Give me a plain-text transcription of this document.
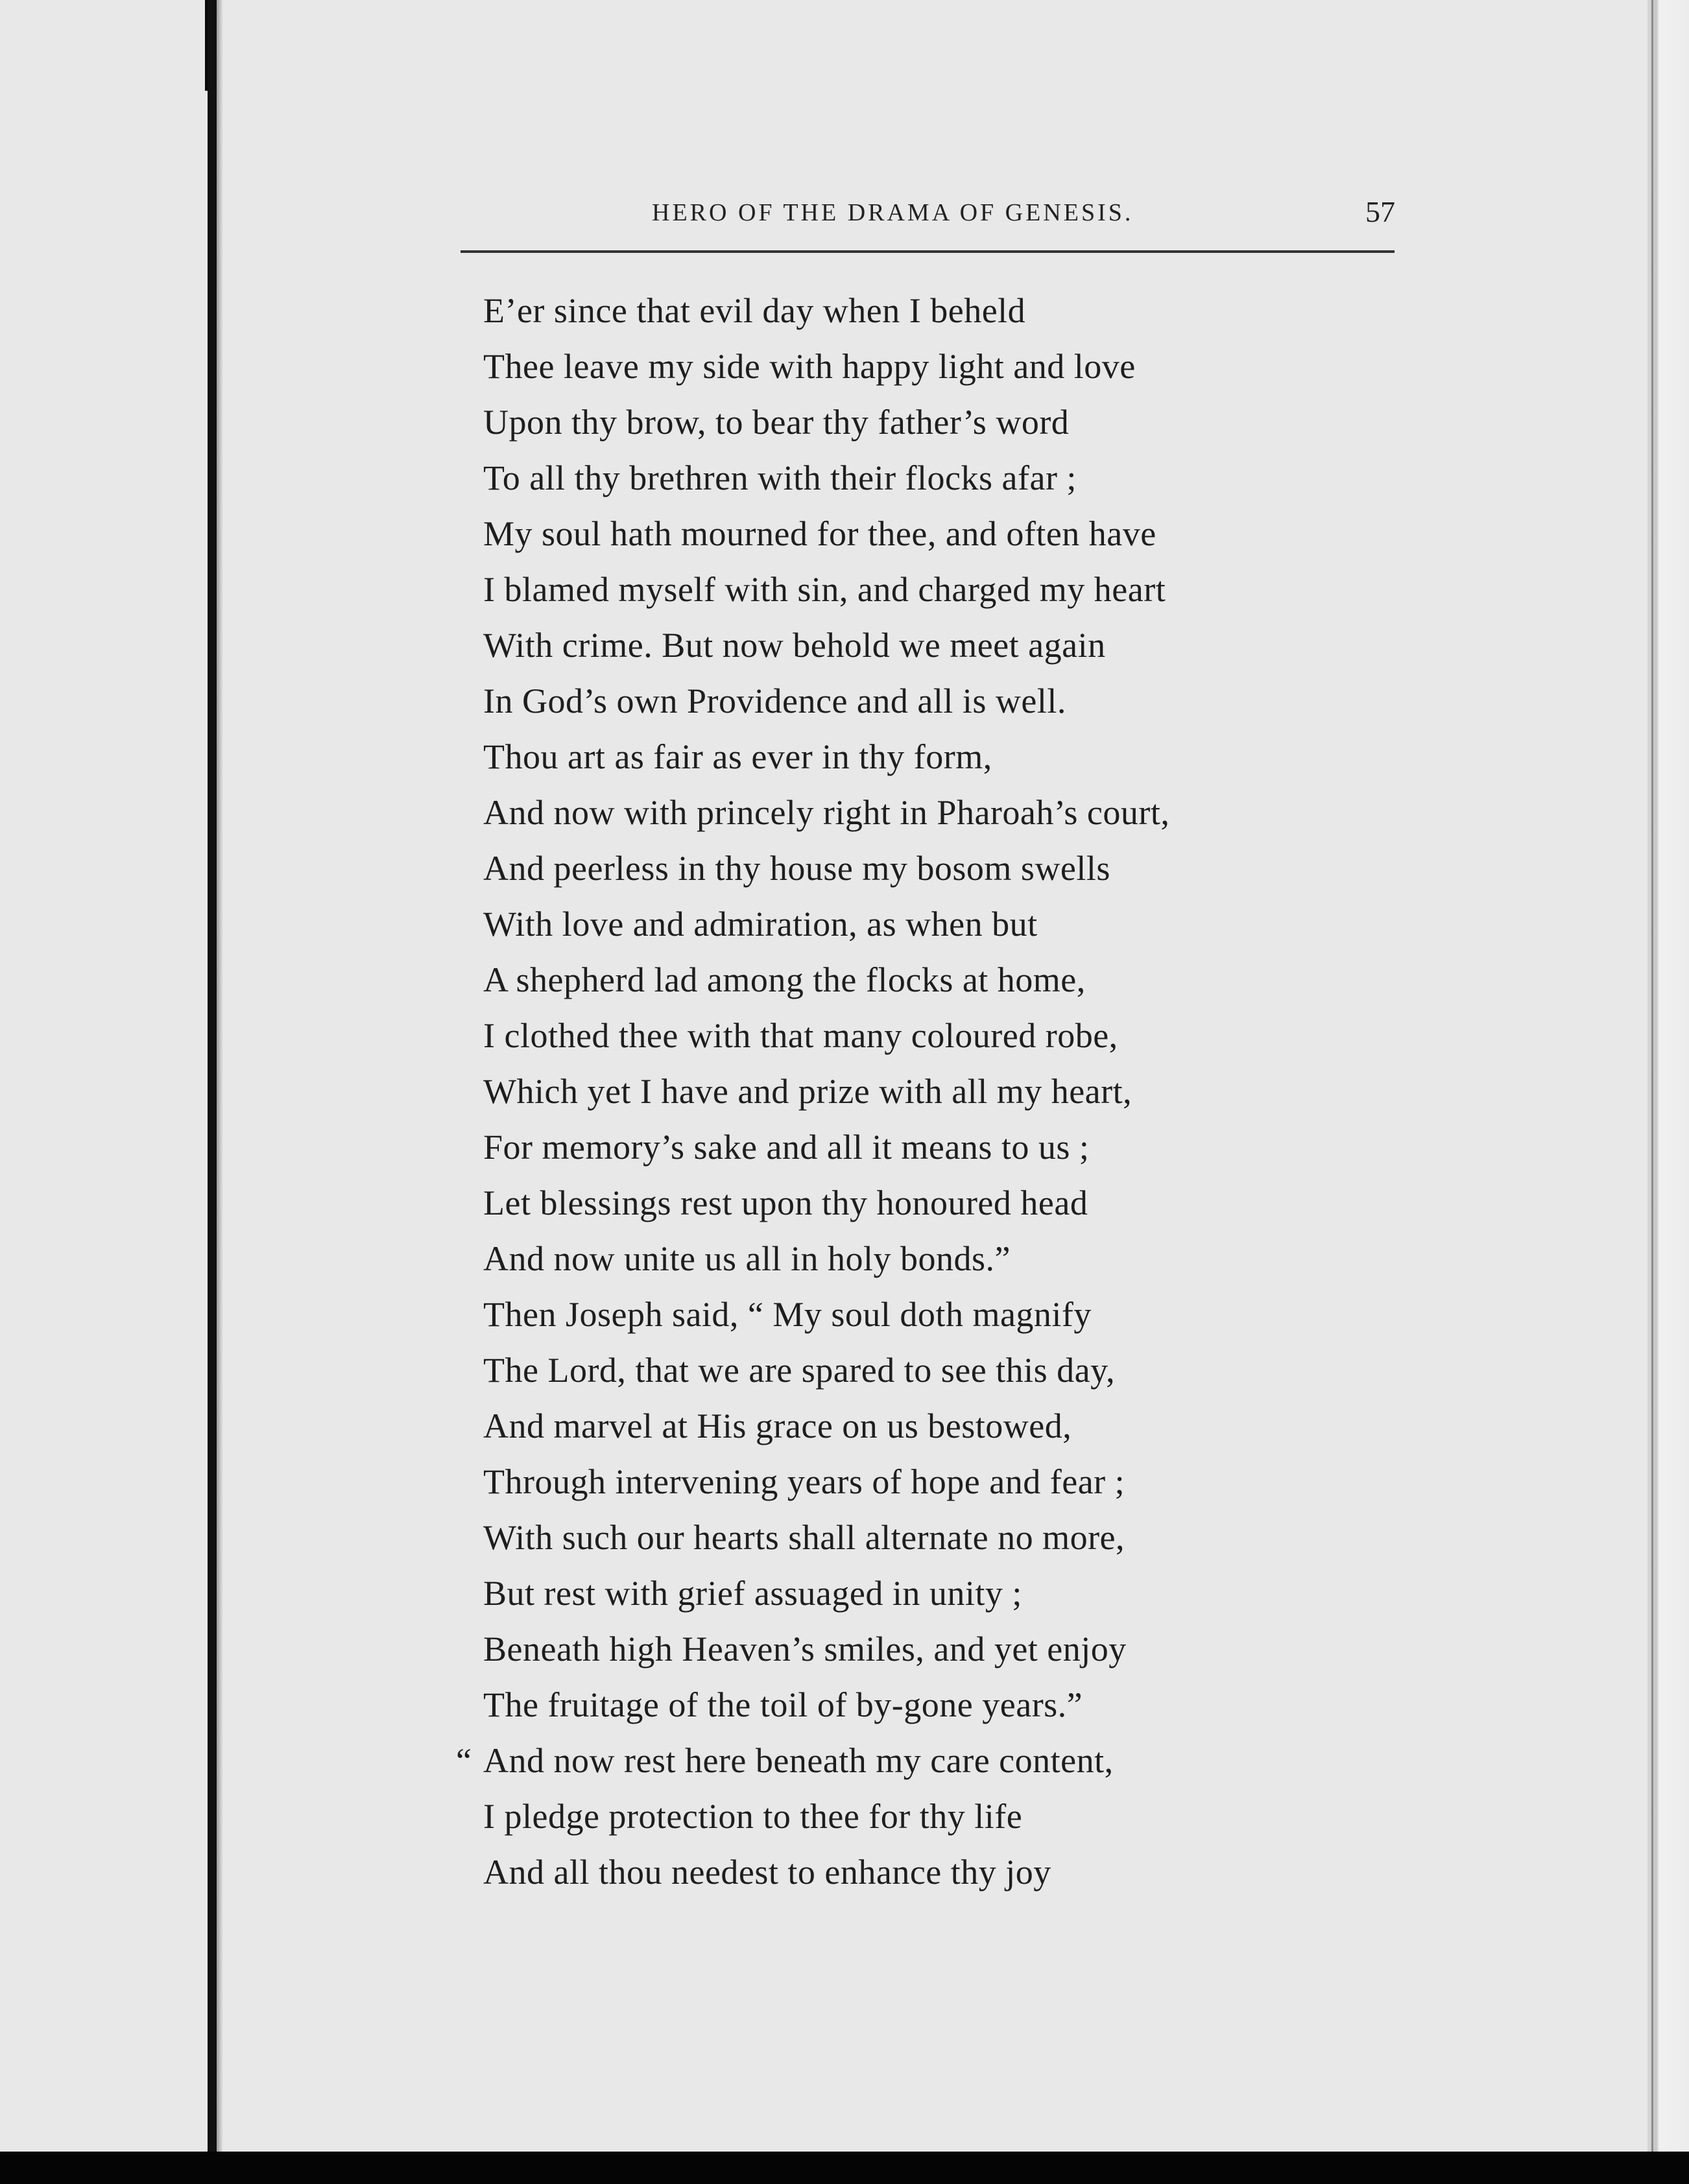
HERO OF THE DRAMA OF GENESIS.	57
E’er since that evil day when I beheld
Thee leave my side with happy light and love
Upon thy brow, to bear thy father’s word
To all thy brethren with their flocks afar ;
My soul hath mourned for thee, and often have
I blamed myself with sin, and charged my heart
With crime. But now behold we meet again
In God’s own Providence and all is well.
Thou art as fair as ever in thy form,
And now with princely right in Pharoah’s court,
And peerless in thy house my bosom swells
With love and admiration, as when but
A shepherd lad among the flocks at home,
I clothed thee with that many coloured robe,
Which yet I have and prize with all my heart,
For memory’s sake and all it means to us ;
Let blessings rest upon thy honoured head
And now unite us all in holy bonds.”
Then Joseph said, “ My soul doth magnify
The Lord, that we are spared to see this day,
And marvel at His grace on us bestowed,
Through intervening years of hope and fear ;
With such our hearts shall alternate no more,
But rest with grief assuaged in unity ;
Beneath high Heaven’s smiles, and yet enjoy
The fruitage of the toil of by-gone years.”
“ And now rest here beneath my care content,
I pledge protection to thee for thy life
And all thou needest to enhance thy joy
